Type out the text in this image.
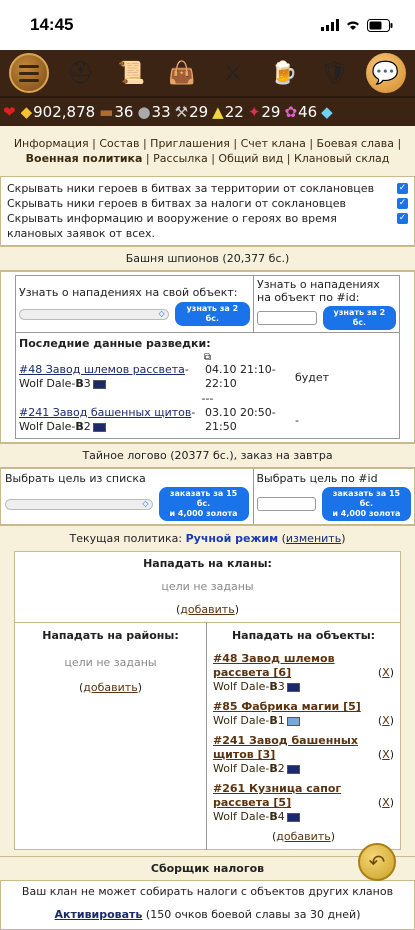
14:45
⛑ 📜 👜	⚔	🍺 🛡 💬
❤ ◆ 902,878 ▬ 36 ● 33 ⚒ 29 ▲ 22 ✦ 29 ✿ 46 ◆
Информация | Состав | Приглашения | Счет клана | Боевая слава | Военная политика | Рассылка | Общий вид | Клановый склад
Скрывать ники героев в битвах за территории от соклановцев	✓
Скрывать ники героев в битвах за налоги от соклановцев	✓
Скрывать информацию и вооружение о героях во время клановых заявок от всех.
✓
Башня шпионов (20,377 бс.)
Узнать о нападениях на свой объект:
◇	узнать за 2 бс.

Узнать о нападениях на объект по #id:
узнать за 2 бс.

Последние данные разведки:
⧉
#48 Завод шлемов рассвета- Wolf Dale-B3	04.10 21:10-22:10	будет
---
#241 Завод башенных щитов- Wolf Dale-B2	03.10 20:50-21:50	-
Тайное логово (20377 бс.), заказ на завтра
Выбрать цель из списка
◇
заказать за 15 бс.
и 4,000 золота

Выбрать цель по #id
заказать за 15 бс.
и 4,000 золота
Текущая политика: Ручной режим (изменить)
Нападать на кланы:
цели не заданы
(добавить)
Нападать на районы:
цели не заданы
(добавить)

Нападать на объекты:
#48 Завод шлемов рассвета [6]
Wolf Dale-B3
(X)
#85 Фабрика магии [5]
Wolf Dale-B1	(X)
#241 Завод башенных щитов [3]
Wolf Dale-B2
(X)
#261 Кузница сапог рассвета [5]
Wolf Dale-B4
(X)
(добавить)
Сборщик налогов
Ваш клан не может собирать налоги с объектов других кланов
Активировать (150 очков боевой славы за 30 дней)
↶
